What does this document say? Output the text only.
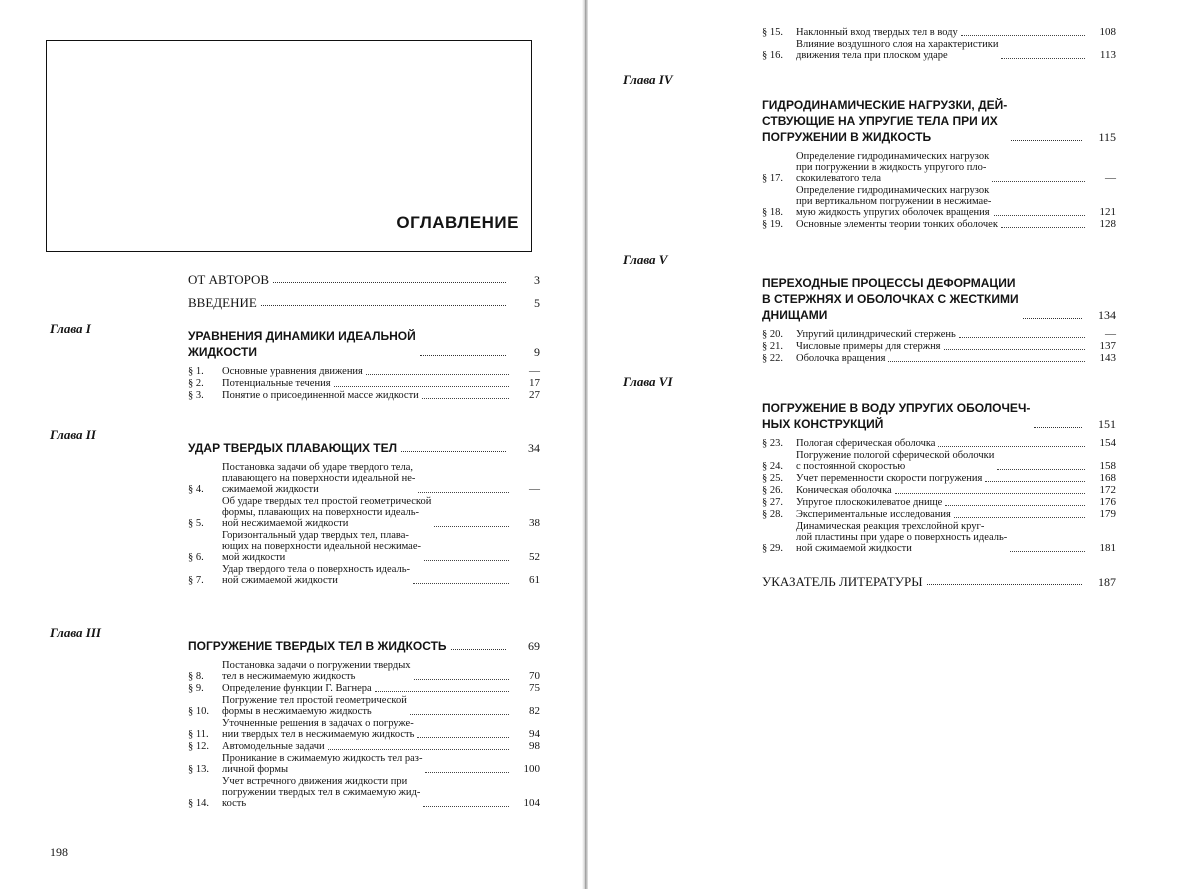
ОГЛАВЛЕНИЕ
ОТ АВТОРОВ	3
ВВЕДЕНИЕ	5
Глава I	УРАВНЕНИЯ ДИНАМИКИ ИДЕАЛЬНОЙ
ЖИДКОСТИ	9
§ 1.	Основные уравнения движения	—
§ 2.	Потенциальные течения	17
§ 3.	Понятие о присоединенной массе жидкости	27
Глава II
УДАР ТВЕРДЫХ ПЛАВАЮЩИХ ТЕЛ	34
§ 4.
Постановка задачи об ударе твердого тела,
плавающего на поверхности идеальной не-
сжимаемой жидкости	—
§ 5.
Об ударе твердых тел простой геометрической
формы, плавающих на поверхности идеаль-
ной несжимаемой жидкости	38
§ 6.
Горизонтальный удар твердых тел, плава-
ющих на поверхности идеальной несжимае-
мой жидкости	52
§ 7.
Удар твердого тела о поверхность идеаль-
ной сжимаемой жидкости	61
Глава III
ПОГРУЖЕНИЕ ТВЕРДЫХ ТЕЛ В ЖИДКОСТЬ	69
§ 8.
Постановка задачи о погружении твердых
тел в несжимаемую жидкость	70
§ 9.	Определение функции Г. Вагнера	75
§ 10.
Погружение тел простой геометрической
формы в несжимаемую жидкость	82
§ 11.
Уточненные решения в задачах о погруже-
нии твердых тел в несжимаемую жидкость	94
§ 12.	Автомодельные задачи	98
§ 13.
Проникание в сжимаемую жидкость тел раз-
личной формы	100
§ 14.
Учет встречного движения жидкости при
погружении твердых тел в сжимаемую жид-
кость	104
198
§ 15.	Наклонный вход твердых тел в воду	108
§ 16.
Влияние воздушного слоя на характеристики
движения тела при плоском ударе	113
Глава IV
ГИДРОДИНАМИЧЕСКИЕ НАГРУЗКИ, ДЕЙ-
СТВУЮЩИЕ НА УПРУГИЕ ТЕЛА ПРИ ИХ
ПОГРУЖЕНИИ В ЖИДКОСТЬ	115
§ 17.
Определение гидродинамических нагрузок
при погружении в жидкость упругого пло-
скокилеватого тела	—
§ 18.
Определение гидродинамических нагрузок
при вертикальном погружении в несжимае-
мую жидкость упругих оболочек вращения	121
§ 19.	Основные элементы теории тонких оболочек	128
Глава V
ПЕРЕХОДНЫЕ ПРОЦЕССЫ ДЕФОРМАЦИИ
В СТЕРЖНЯХ И ОБОЛОЧКАХ С ЖЕСТКИМИ
ДНИЩАМИ	134
§ 20.	Упругий цилиндрический стержень	—
§ 21.	Числовые примеры для стержня	137
§ 22.	Оболочка вращения	143
Глава VI
ПОГРУЖЕНИЕ В ВОДУ УПРУГИХ ОБОЛОЧЕЧ-
НЫХ КОНСТРУКЦИЙ	151
§ 23.	Пологая сферическая оболочка	154
§ 24.
Погружение пологой сферической оболочки
с постоянной скоростью	158
§ 25.	Учет переменности скорости погружения	168
§ 26.	Коническая оболочка	172
§ 27.	Упругое плоскокилеватое днище	176
§ 28.	Экспериментальные исследования	179
§ 29.
Динамическая реакция трехслойной круг-
лой пластины при ударе о поверхность идеаль-
ной сжимаемой жидкости	181
УКАЗАТЕЛЬ ЛИТЕРАТУРЫ	187
